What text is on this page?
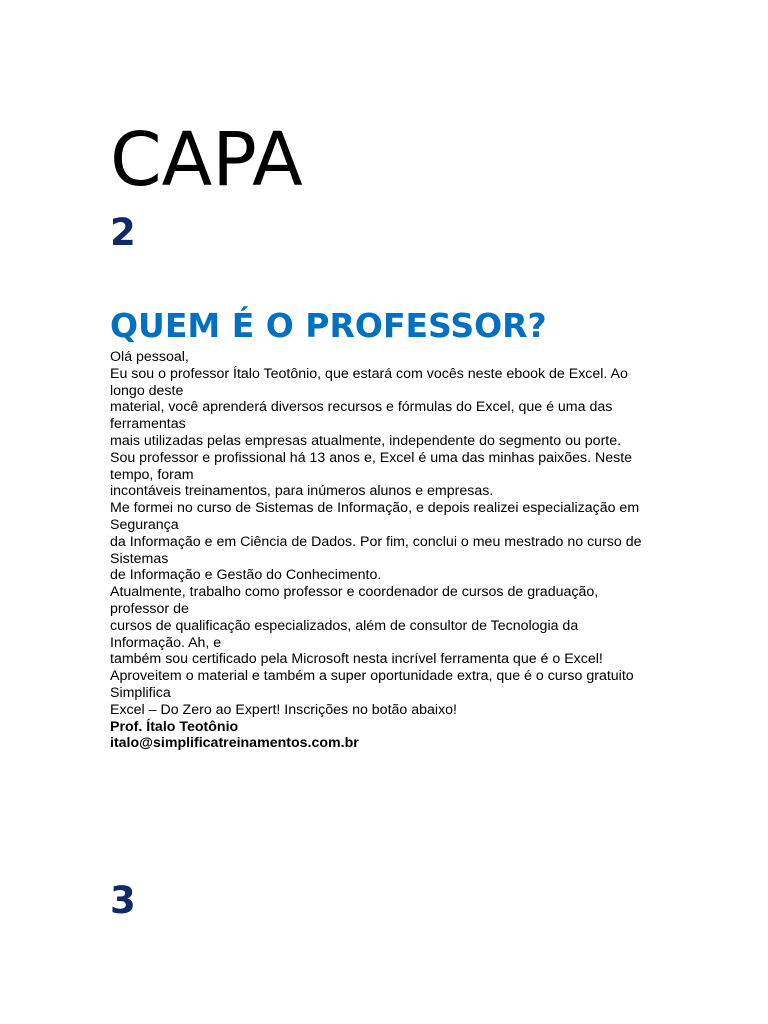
CAPA
2
QUEM É O PROFESSOR?
Olá pessoal,
Eu sou o professor Ítalo Teotônio, que estará com vocês neste ebook de Excel. Ao
longo deste
material, você aprenderá diversos recursos e fórmulas do Excel, que é uma das
ferramentas
mais utilizadas pelas empresas atualmente, independente do segmento ou porte.
Sou professor e profissional há 13 anos e, Excel é uma das minhas paixões. Neste
tempo, foram
incontáveis treinamentos, para inúmeros alunos e empresas.
Me formei no curso de Sistemas de Informação, e depois realizei especialização em
Segurança
da Informação e em Ciência de Dados. Por fim, conclui o meu mestrado no curso de
Sistemas
de Informação e Gestão do Conhecimento.
Atualmente, trabalho como professor e coordenador de cursos de graduação,
professor de
cursos de qualificação especializados, além de consultor de Tecnologia da
Informação. Ah, e
também sou certificado pela Microsoft nesta incrível ferramenta que é o Excel!
Aproveitem o material e também a super oportunidade extra, que é o curso gratuito
Simplifica
Excel – Do Zero ao Expert! Inscrições no botão abaixo!
Prof. Ítalo Teotônio
italo@simplificatreinamentos.com.br
3
